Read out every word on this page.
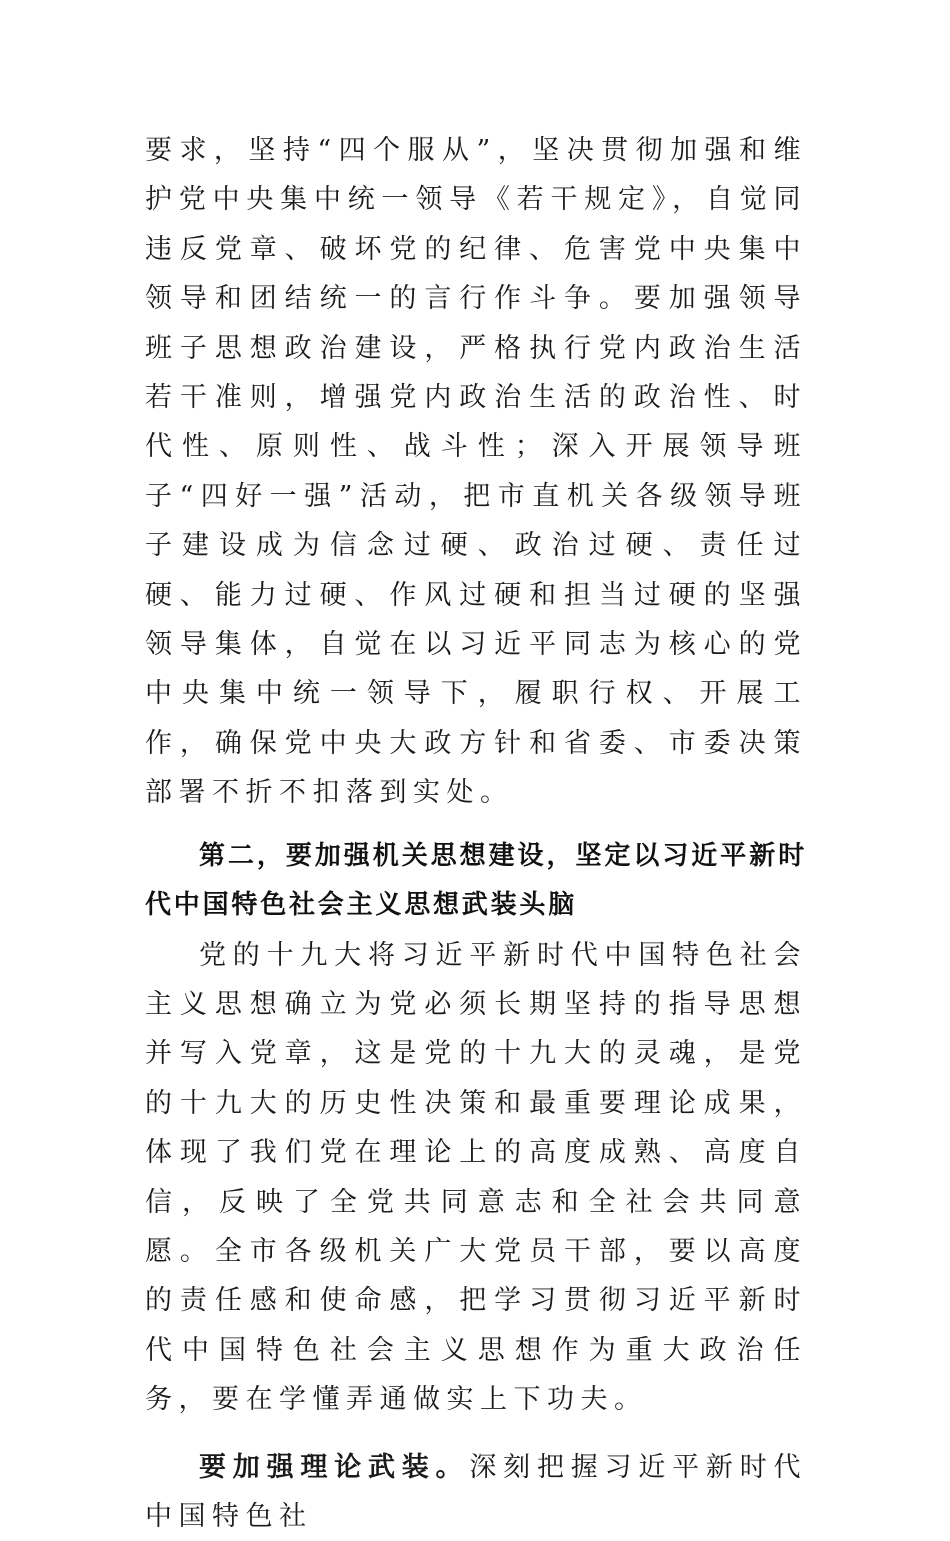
要求，坚持“四个服从”，坚决贯彻加强和维护党中央集中统一领导《若干规定》，自觉同违反党章、破坏党的纪律、危害党中央集中领导和团结统一的言行作斗争。要加强领导班子思想政治建设，严格执行党内政治生活若干准则，增强党内政治生活的政治性、时代性、原则性、战斗性；深入开展领导班子“四好一强”活动，把市直机关各级领导班子建设成为信念过硬、政治过硬、责任过硬、能力过硬、作风过硬和担当过硬的坚强领导集体，自觉在以习近平同志为核心的党中央集中统一领导下，履职行权、开展工作，确保党中央大政方针和省委、市委决策部署不折不扣落到实处。

第二，要加强机关思想建设，坚定以习近平新时代中国特色社会主义思想武装头脑

党的十九大将习近平新时代中国特色社会主义思想确立为党必须长期坚持的指导思想并写入党章，这是党的十九大的灵魂，是党的十九大的历史性决策和最重要理论成果，体现了我们党在理论上的高度成熟、高度自信，反映了全党共同意志和全社会共同意愿。全市各级机关广大党员干部，要以高度的责任感和使命感，把学习贯彻习近平新时代中国特色社会主义思想作为重大政治任务，要在学懂弄通做实上下功夫。

要加强理论武装。深刻把握习近平新时代中国特色社
